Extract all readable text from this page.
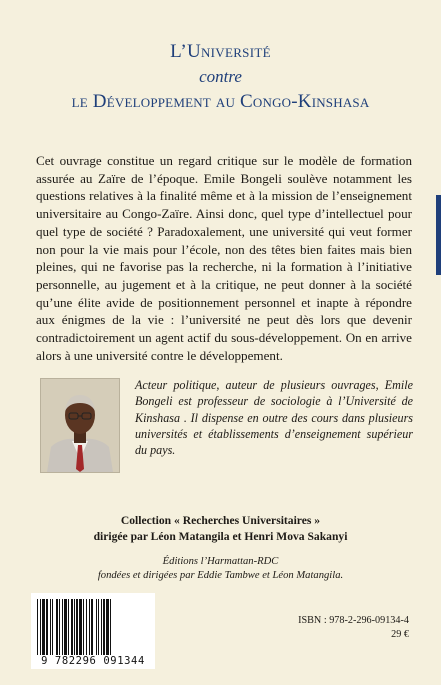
L’Université
contre
le Développement au Congo-Kinshasa

Cet ouvrage constitue un regard critique sur le modèle de formation assurée au Zaïre de l’époque. Emile Bongeli soulève notamment les questions relatives à la finalité même et à la mission de l’enseignement universitaire au Congo-Zaïre. Ainsi donc, quel type d’intellectuel pour quel type de société ? Paradoxalement, une université qui veut former non pour la vie mais pour l’école, non des têtes bien faites mais bien pleines, qui ne favorise pas la recherche, ni la formation à l’initiative personnelle, au jugement et à la critique, ne peut donner à la société qu’une élite avide de positionnement personnel et inapte à répondre aux énigmes de la vie : l’université ne peut dès lors que devenir contradictoirement un agent actif du sous-développement. On en arrive alors à une université contre le développement.

Acteur politique, auteur de plusieurs ouvrages, Emile Bongeli est professeur de sociologie à l’Université de Kinshasa . Il dispense en outre des cours dans plusieurs universités et établissements d’enseignement supérieur du pays.
Collection « Recherches Universitaires »
dirigée par Léon Matangila et Henri Mova Sakanyi
Éditions l’Harmattan-RDC
fondées et dirigées par Eddie Tambwe et Léon Matangila.
9 782296 091344
ISBN : 978-2-296-09134-4
29 €
